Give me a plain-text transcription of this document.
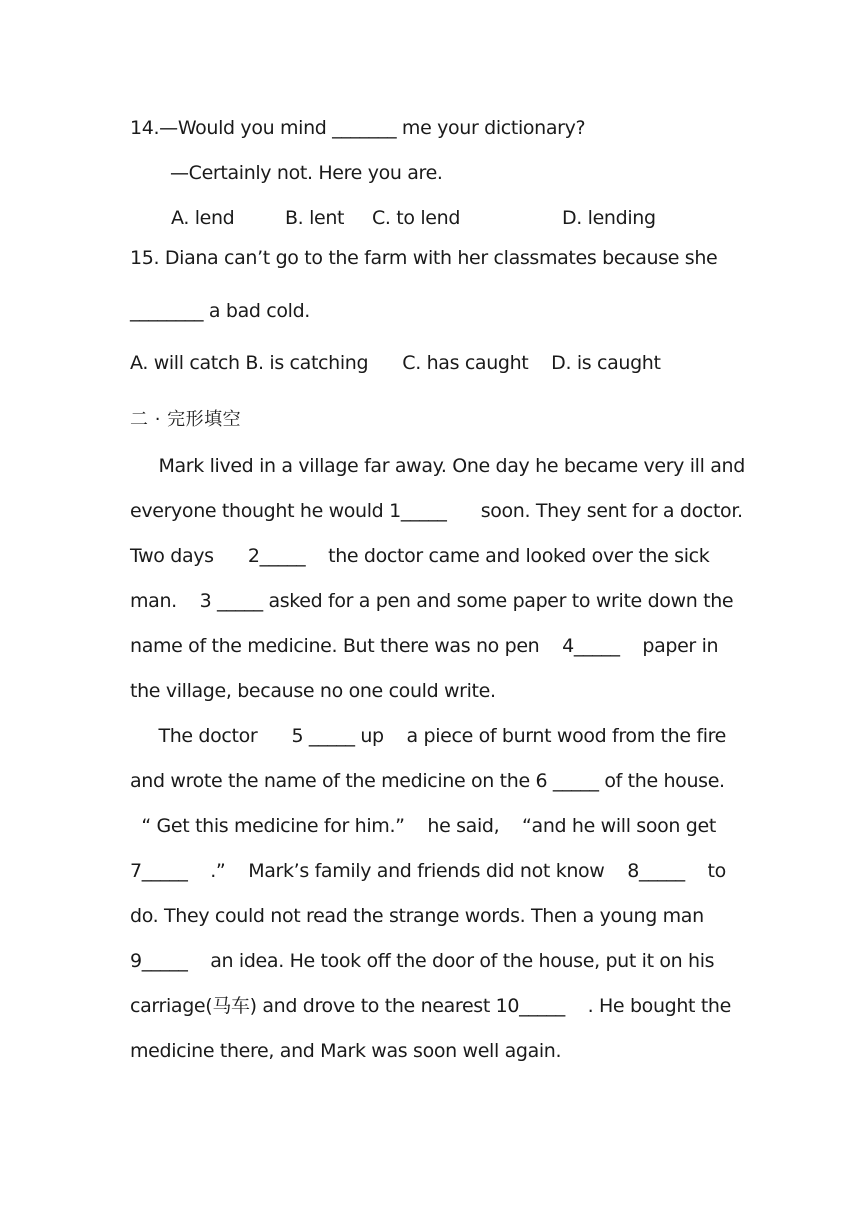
14.—Would you mind _______ me your dictionary?
—Certainly not. Here you are.
A. lend	B. lent C. to lend	D. lending
15. Diana can’t go to the farm with her classmates because she
________ a bad cold.
A. will catch B. is catching      C. has caught    D. is caught
二 · 完形填空
Mark lived in a village far away. One day he became very ill and
everyone thought he would 1_____      soon. They sent for a doctor.
Two days      2_____    the doctor came and looked over the sick
man.    3 _____ asked for a pen and some paper to write down the
name of the medicine. But there was no pen    4_____    paper in
the village, because no one could write.
The doctor      5 _____ up    a piece of burnt wood from the fire
and wrote the name of the medicine on the 6 _____ of the house.
“ Get this medicine for him.”    he said,    “and he will soon get
7_____    .”    Mark’s family and friends did not know    8_____    to
do. They could not read the strange words. Then a young man
9_____    an idea. He took off the door of the house, put it on his
carriage(马车) and drove to the nearest 10_____    . He bought the
medicine there, and Mark was soon well again.
